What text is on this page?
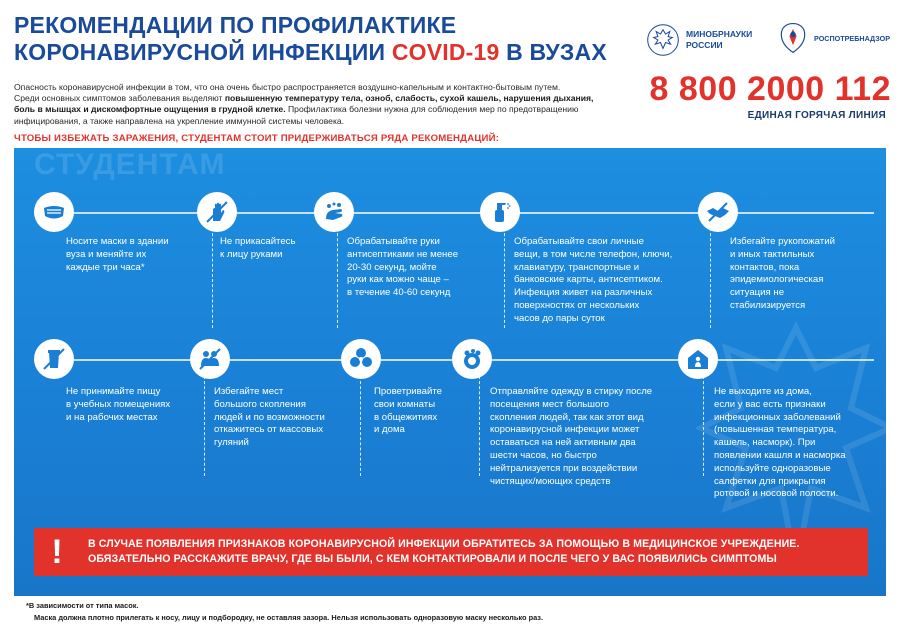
РЕКОМЕНДАЦИИ ПО ПРОФИЛАКТИКЕ
КОРОНАВИРУСНОЙ ИНФЕКЦИИ COVID-19 В ВУЗАХ
Опасность коронавирусной инфекции в том, что она очень быстро распространяется воздушно-капельным и контактно-бытовым путем.
Среди основных симптомов заболевания выделяют повышенную температуру тела, озноб, слабость, сухой кашель, нарушения дыхания,
боль в мышцах и дискомфортные ощущения в грудной клетке. Профилактика болезни нужна для соблюдения мер по предотвращению
инфицирования, а также направлена на укрепление иммунной системы человека.
МИНОБРНАУКИ
РОССИИ
РОСПОТРЕБНАДЗОР
8 800 2000 112
ЕДИНАЯ ГОРЯЧАЯ ЛИНИЯ
ЧТОБЫ ИЗБЕЖАТЬ ЗАРАЖЕНИЯ, СТУДЕНТАМ СТОИТ ПРИДЕРЖИВАТЬСЯ РЯДА РЕКОМЕНДАЦИЙ:
СТУДЕНТАМ
Носите маски в здании
вуза и меняйте их
каждые три часа*
Не прикасайтесь
к лицу руками
Обрабатывайте руки
антисептиками не менее
20-30 секунд, мойте
руки как можно чаще –
в течение 40-60 секунд
Обрабатывайте свои личные
вещи, в том числе телефон, ключи,
клавиатуру, транспортные и
банковские карты, антисептиком.
Инфекция живет на различных
поверхностях от нескольких
часов до пары суток
Избегайте рукопожатий
и иных тактильных
контактов, пока
эпидемиологическая
ситуация не
стабилизируется
Не принимайте пищу
в учебных помещениях
и на рабочих местах
Избегайте мест
большого скопления
людей и по возможности
откажитесь от массовых
гуляний
Проветривайте
свои комнаты
в общежитиях
и дома
Отправляйте одежду в стирку после
посещения мест большого
скопления людей, так как этот вид
коронавирусной инфекции может
оставаться на ней активным два
шести часов, но быстро
нейтрализуется при воздействии
чистящих/моющих средств
Не выходите из дома,
если у вас есть признаки
инфекционных заболеваний
(повышенная температура,
кашель, насморк). При
появлении кашля и насморка
используйте одноразовые
салфетки для прикрытия
ротовой и носовой полости.
!	В СЛУЧАЕ ПОЯВЛЕНИЯ ПРИЗНАКОВ КОРОНАВИРУСНОЙ ИНФЕКЦИИ ОБРАТИТЕСЬ ЗА ПОМОЩЬЮ В МЕДИЦИНСКОЕ УЧРЕЖДЕНИЕ.
ОБЯЗАТЕЛЬНО РАССКАЖИТЕ ВРАЧУ, ГДЕ ВЫ БЫЛИ, С КЕМ КОНТАКТИРОВАЛИ И ПОСЛЕ ЧЕГО У ВАС ПОЯВИЛИСЬ СИМПТОМЫ
*В зависимости от типа масок.
Маска должна плотно прилегать к носу, лицу и подбородку, не оставляя зазора. Нельзя использовать одноразовую маску несколько раз.
